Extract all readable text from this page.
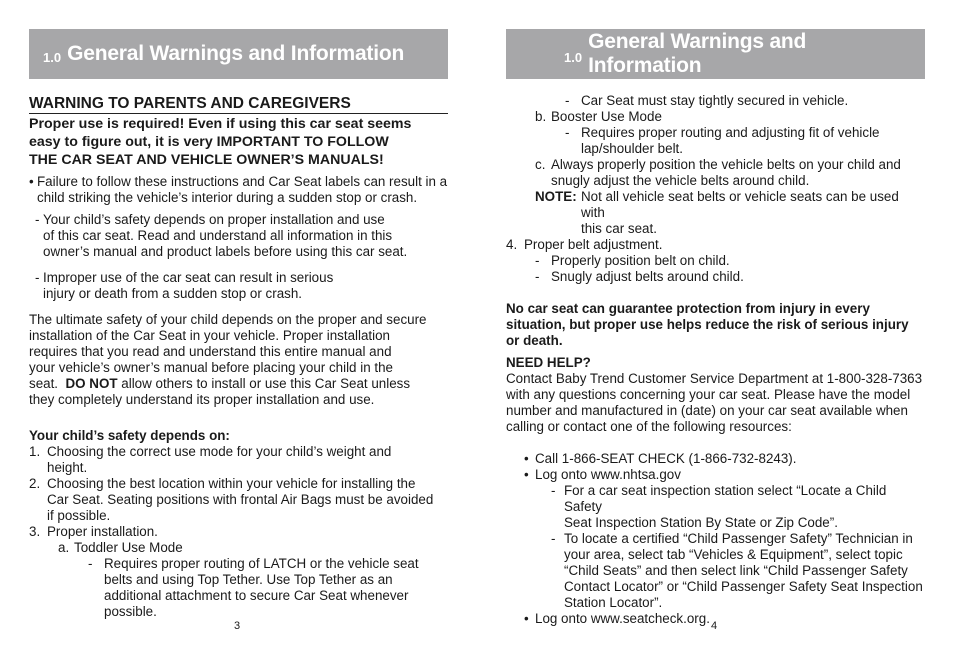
1.0 General Warnings and Information
WARNING TO PARENTS AND CAREGIVERS
Proper use is required! Even if using this car seat seems
easy to figure out, it is very IMPORTANT TO FOLLOW
THE CAR SEAT AND VEHICLE OWNER’S MANUALS!
• Failure to follow these instructions and Car Seat labels can result in a
child striking the vehicle’s interior during a sudden stop or crash.
- Your child’s safety depends on proper installation and use
of this car seat. Read and understand all information in this
owner’s manual and product labels before using this car seat.
- Improper use of the car seat can result in serious
injury or death from a sudden stop or crash.
The ultimate safety of your child depends on the proper and secure
installation of the Car Seat in your vehicle. Proper installation
requires that you read and understand this entire manual and
your vehicle’s owner’s manual before placing your child in the
seat.  DO NOT allow others to install or use this Car Seat unless
they completely understand its proper installation and use.
Your child’s safety depends on:
1. Choosing the correct use mode for your child’s weight and
height.
2. Choosing the best location within your vehicle for installing the
Car Seat. Seating positions with frontal Air Bags must be avoided
if possible.
3. Proper installation.
a. Toddler Use Mode
- Requires proper routing of LATCH or the vehicle seat
belts and using Top Tether. Use Top Tether as an
additional attachment to secure Car Seat whenever
possible.
3
1.0
General Warnings and Information
- Car Seat must stay tightly secured in vehicle.
b. Booster Use Mode
- Requires proper routing and adjusting fit of vehicle
lap/shoulder belt.
c. Always properly position the vehicle belts on your child and
snugly adjust the vehicle belts around child.
NOTE: Not all vehicle seat belts or vehicle seats can be used with
this car seat.
4. Proper belt adjustment.
- Properly position belt on child.
- Snugly adjust belts around child.
No car seat can guarantee protection from injury in every
situation, but proper use helps reduce the risk of serious injury
or death.
NEED HELP?
Contact Baby Trend Customer Service Department at 1-800-328-7363
with any questions concerning your car seat. Please have the model
number and manufactured in (date) on your car seat available when
calling or contact one of the following resources:
• Call 1-866-SEAT CHECK (1-866-732-8243).
• Log onto www.nhtsa.gov
- For a car seat inspection station select “Locate a Child Safety
Seat Inspection Station By State or Zip Code”.
- To locate a certified “Child Passenger Safety” Technician in
your area, select tab “Vehicles & Equipment”, select topic
“Child Seats” and then select link “Child Passenger Safety
Contact Locator” or “Child Passenger Safety Seat Inspection
Station Locator”.
• Log onto www.seatcheck.org. 4
